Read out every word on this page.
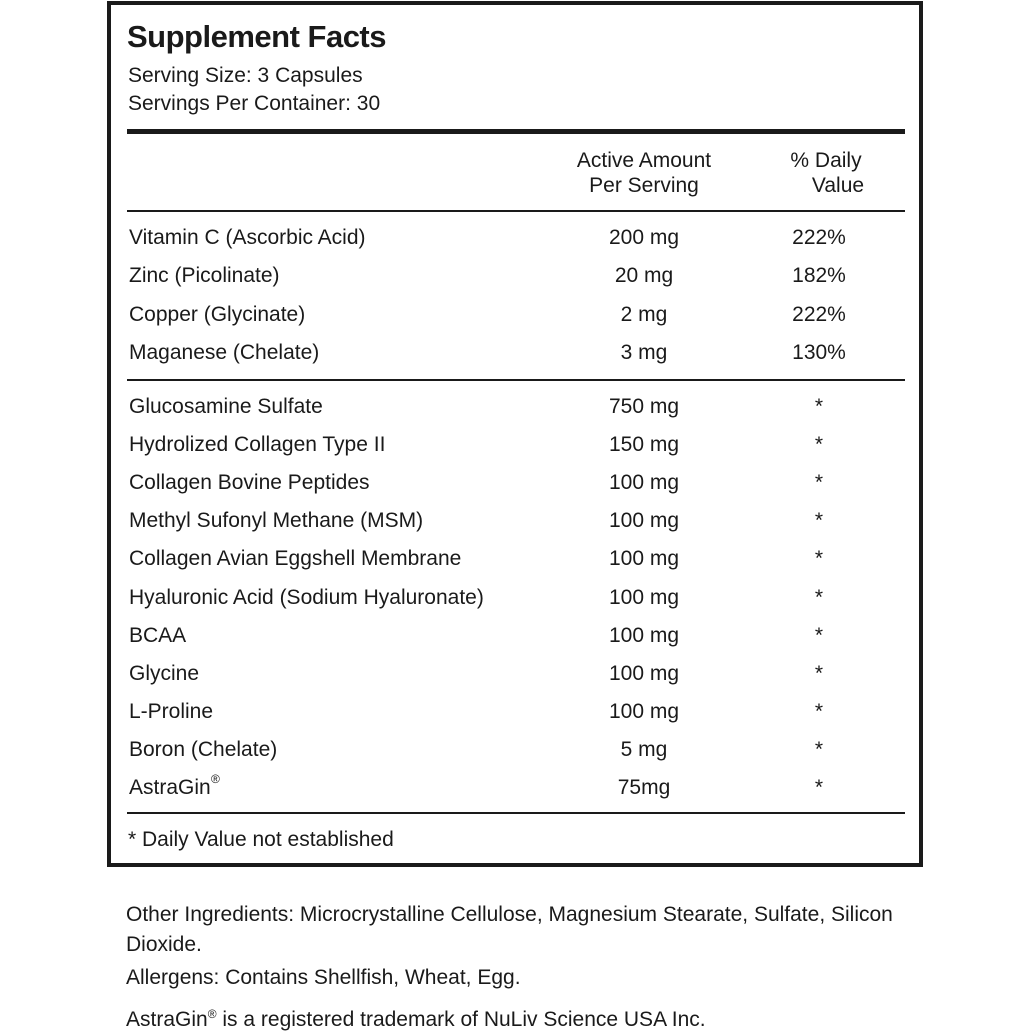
Supplement Facts
Serving Size: 3 Capsules
Servings Per Container: 30
Active Amount
Per Serving
% Daily
Value
Vitamin C (Ascorbic Acid)	200 mg	222%
Zinc (Picolinate)	20 mg	182%
Copper (Glycinate)	2 mg	222%
Maganese (Chelate)	3 mg	130%
Glucosamine Sulfate	750 mg	*
Hydrolized Collagen Type II	150 mg	*
Collagen Bovine Peptides	100 mg	*
Methyl Sufonyl Methane (MSM)	100 mg	*
Collagen Avian Eggshell Membrane	100 mg	*
Hyaluronic Acid (Sodium Hyaluronate)	100 mg	*
BCAA	100 mg	*
Glycine	100 mg	*
L-Proline	100 mg	*
Boron (Chelate)	5 mg	*
AstraGin ®	75mg	*
* Daily Value not established
Other Ingredients: Microcrystalline Cellulose, Magnesium Stearate, Sulfate, Silicon Dioxide.
Allergens: Contains Shellfish, Wheat, Egg.
AstraGin® is a registered trademark of NuLiv Science USA Inc.
